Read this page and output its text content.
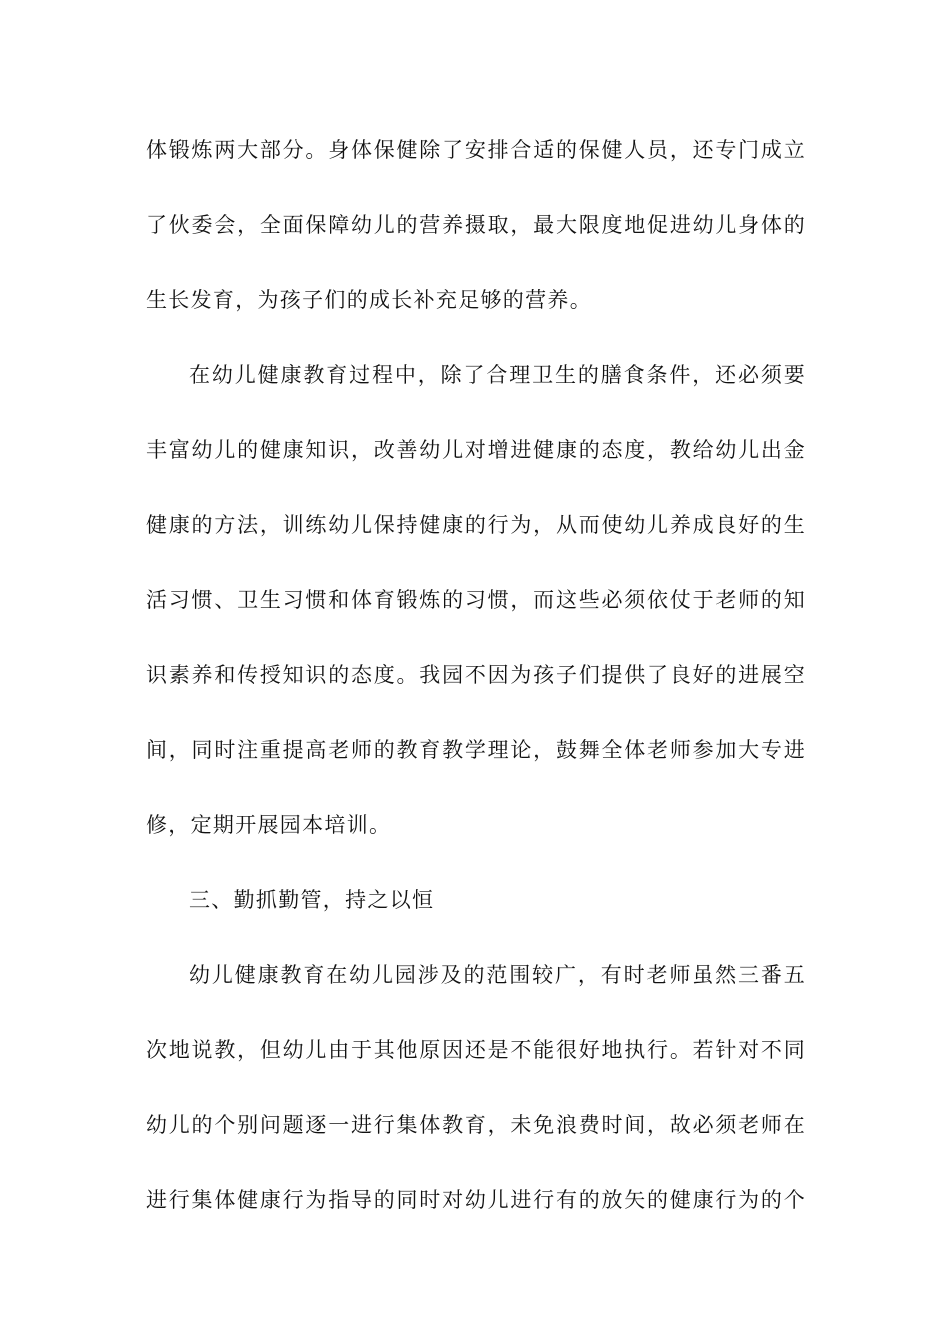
体锻炼两大部分。身体保健除了安排合适的保健人员，还专门成立
了伙委会，全面保障幼儿的营养摄取，最大限度地促进幼儿身体的
生长发育，为孩子们的成长补充足够的营养。
在幼儿健康教育过程中，除了合理卫生的膳食条件，还必须要
丰富幼儿的健康知识，改善幼儿对增进健康的态度，教给幼儿出金
健康的方法，训练幼儿保持健康的行为，从而使幼儿养成良好的生
活习惯、卫生习惯和体育锻炼的习惯，而这些必须依仗于老师的知
识素养和传授知识的态度。我园不因为孩子们提供了良好的进展空
间，同时注重提高老师的教育教学理论，鼓舞全体老师参加大专进
修，定期开展园本培训。
三、勤抓勤管，持之以恒
幼儿健康教育在幼儿园涉及的范围较广，有时老师虽然三番五
次地说教，但幼儿由于其他原因还是不能很好地执行。若针对不同
幼儿的个别问题逐一进行集体教育，未免浪费时间，故必须老师在
进行集体健康行为指导的同时对幼儿进行有的放矢的健康行为的个
